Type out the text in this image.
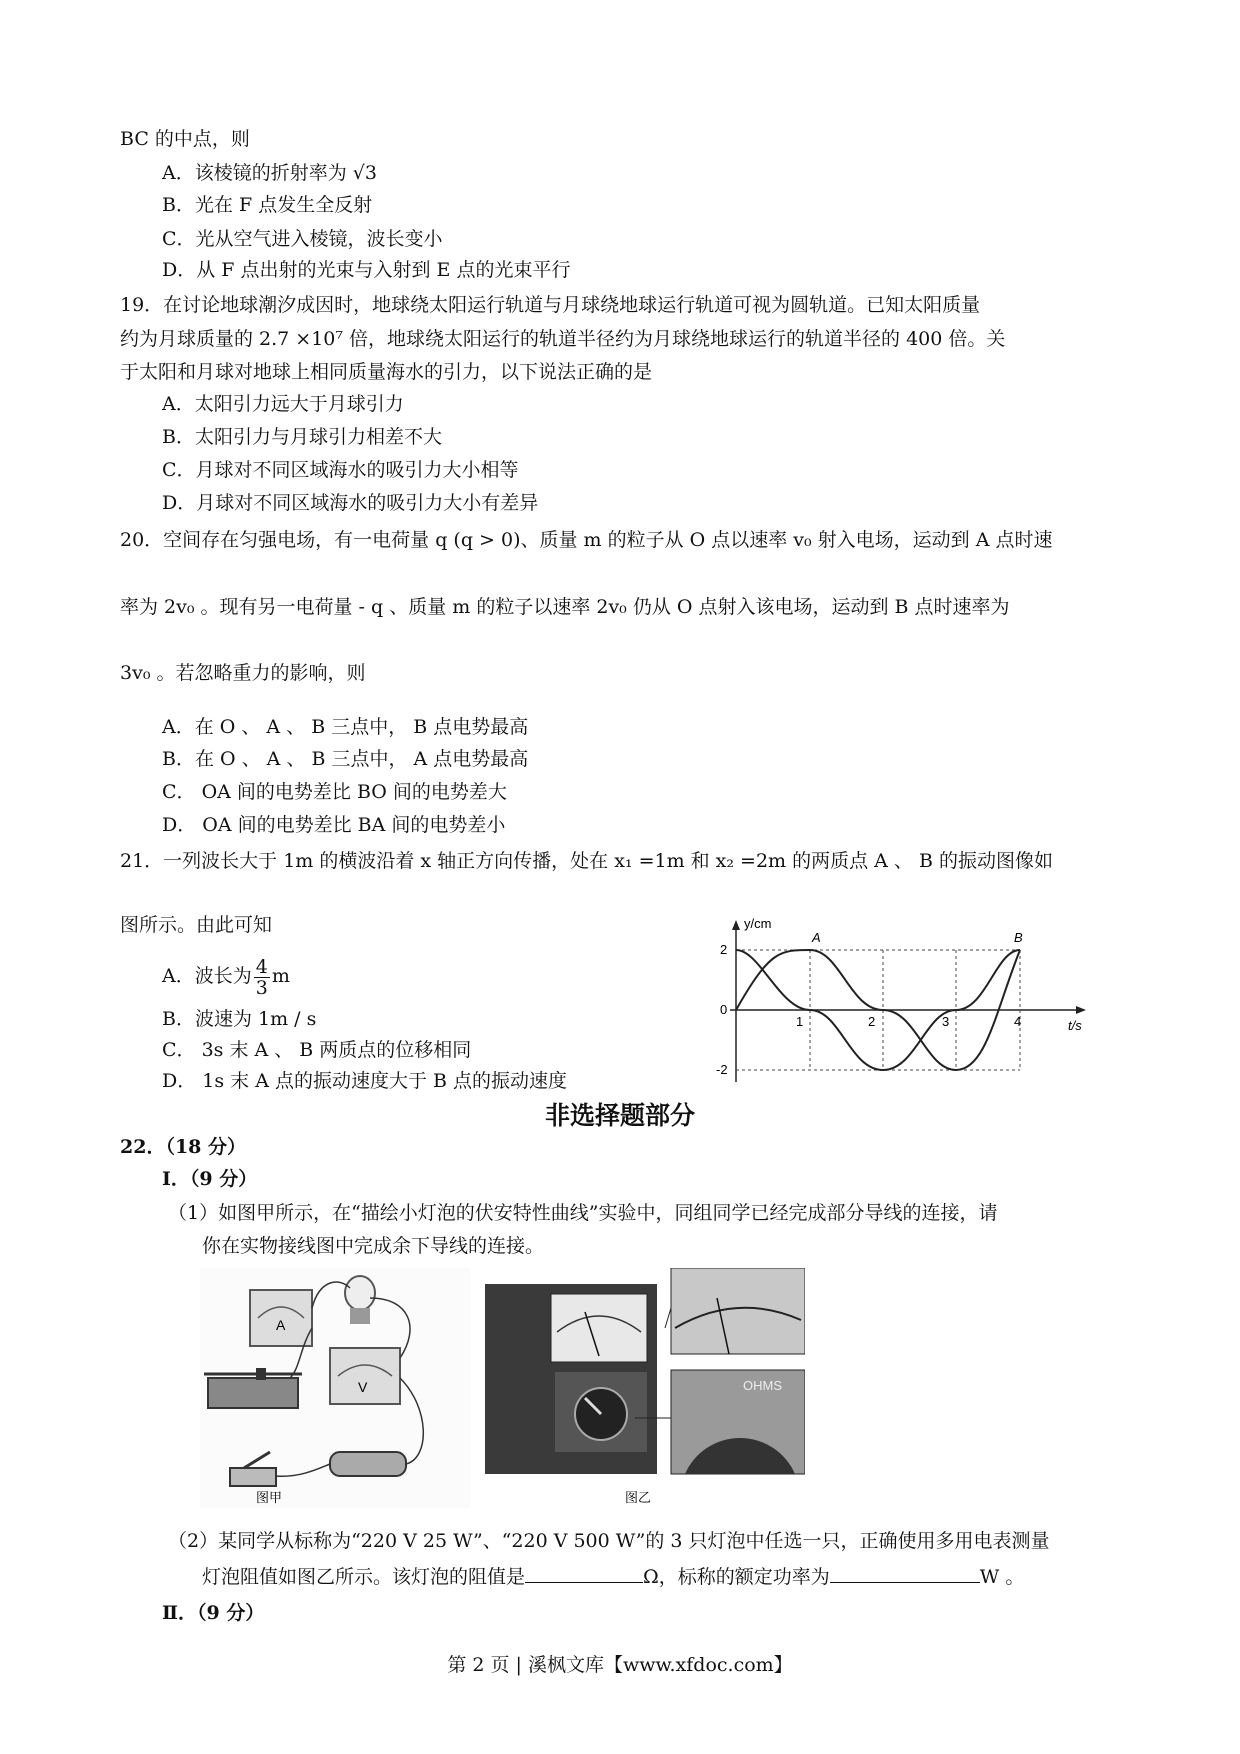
BC 的中点，则
A．该棱镜的折射率为 √3
B．光在 F 点发生全反射
C．光从空气进入棱镜，波长变小
D．从 F 点出射的光束与入射到 E 点的光束平行
19．在讨论地球潮汐成因时，地球绕太阳运行轨道与月球绕地球运行轨道可视为圆轨道。已知太阳质量
约为月球质量的 2.7 ×10⁷ 倍，地球绕太阳运行的轨道半径约为月球绕地球运行的轨道半径的 400 倍。关
于太阳和月球对地球上相同质量海水的引力，以下说法正确的是
A．太阳引力远大于月球引力
B．太阳引力与月球引力相差不大
C．月球对不同区域海水的吸引力大小相等
D．月球对不同区域海水的吸引力大小有差异
20．空间存在匀强电场，有一电荷量 q (q > 0)、质量 m 的粒子从 O 点以速率 v₀ 射入电场，运动到 A 点时速
率为 2v₀ 。现有另一电荷量 - q 、质量 m 的粒子以速率 2v₀ 仍从 O 点射入该电场，运动到 B 点时速率为
3v₀ 。若忽略重力的影响，则
A．在 O 、 A 、 B 三点中， B 点电势最高
B．在 O 、 A 、 B 三点中， A 点电势最高
C． OA 间的电势差比 BO 间的电势差大
D． OA 间的电势差比 BA 间的电势差小
21．一列波长大于 1m 的横波沿着 x 轴正方向传播，处在 x₁ =1m 和 x₂ =2m 的两质点 A 、 B 的振动图像如
图所示。由此可知
A．波长为 $\frac{4}{3}$ m
B．波速为 1m / s
C． 3s 末 A 、 B 两质点的位移相同
D． 1s 末 A 点的振动速度大于 B 点的振动速度
y/cm
t/s
2
0
-2
1	2	3	4
A	B
非选择题部分
22．（18 分）
Ⅰ．（9 分）
（1）如图甲所示，在“描绘小灯泡的伏安特性曲线”实验中，同组同学已经完成部分导线的连接，请
你在实物接线图中完成余下导线的连接。
A
V
图甲
OHMS
图乙
（2）某同学从标称为“220 V 25 W”、“220 V 500 W”的 3 只灯泡中任选一只，正确使用多用电表测量
灯泡阻值如图乙所示。该灯泡的阻值是	Ω，标称的额定功率为	W 。
Ⅱ．（9 分）
第 2 页 | 溪枫文库【www.xfdoc.com】
